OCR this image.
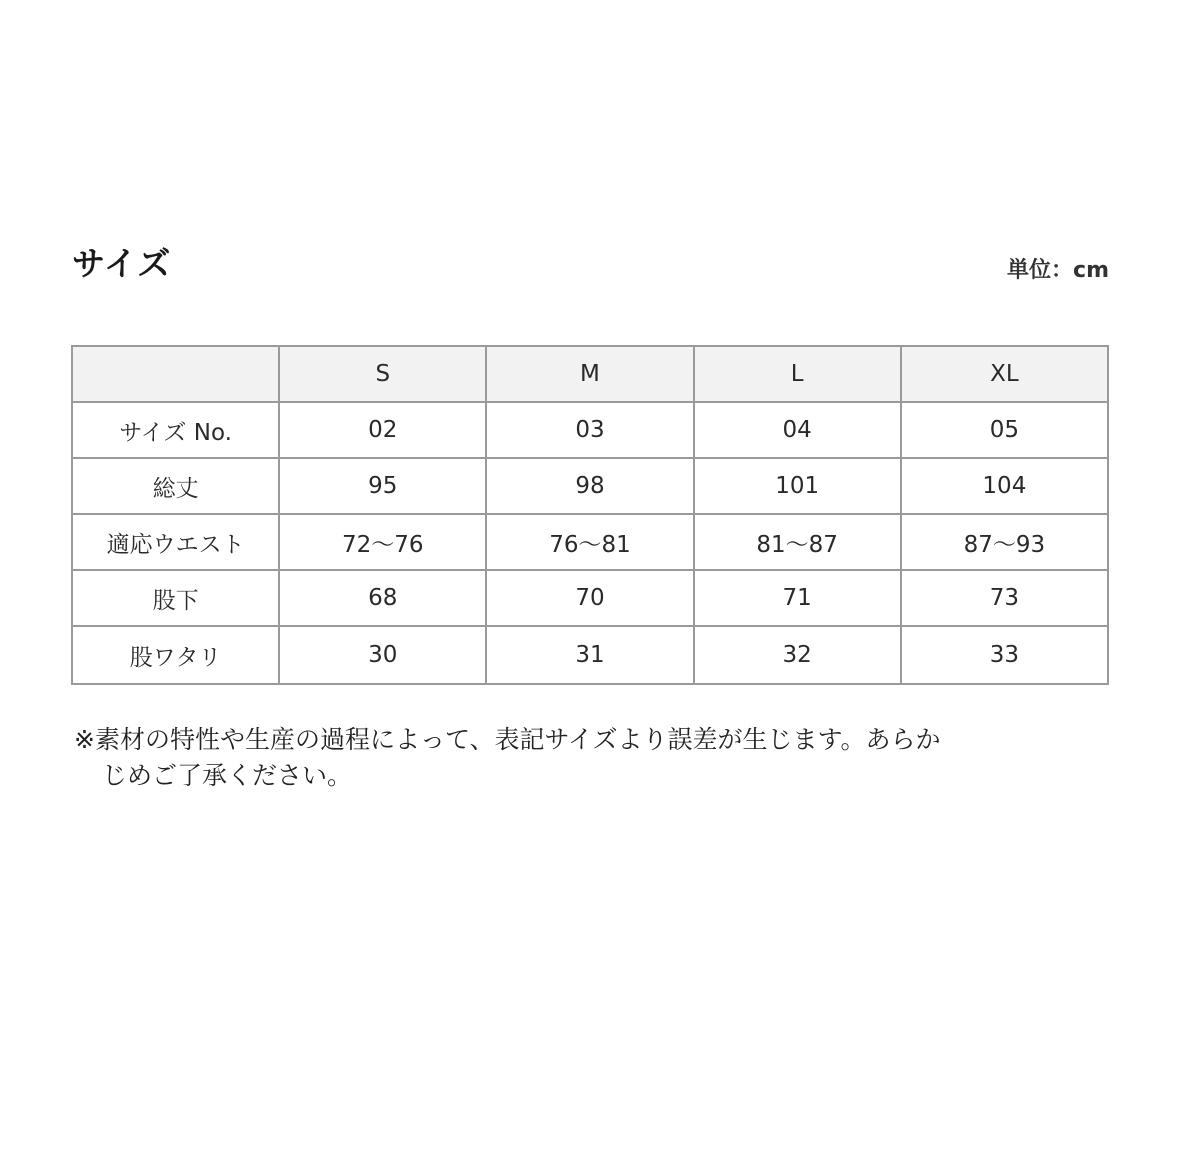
サイズ	単位：cm
	S	M	L	XL
サイズ No.	02	03	04	05
総丈	95	98	101	104
適応ウエスト	72～76	76～81	81～87	87～93
股下	68	70	71	73
股ワタリ	30	31	32	33
※素材の特性や生産の過程によって、表記サイズより誤差が生じます。あらか
じめご了承ください。
